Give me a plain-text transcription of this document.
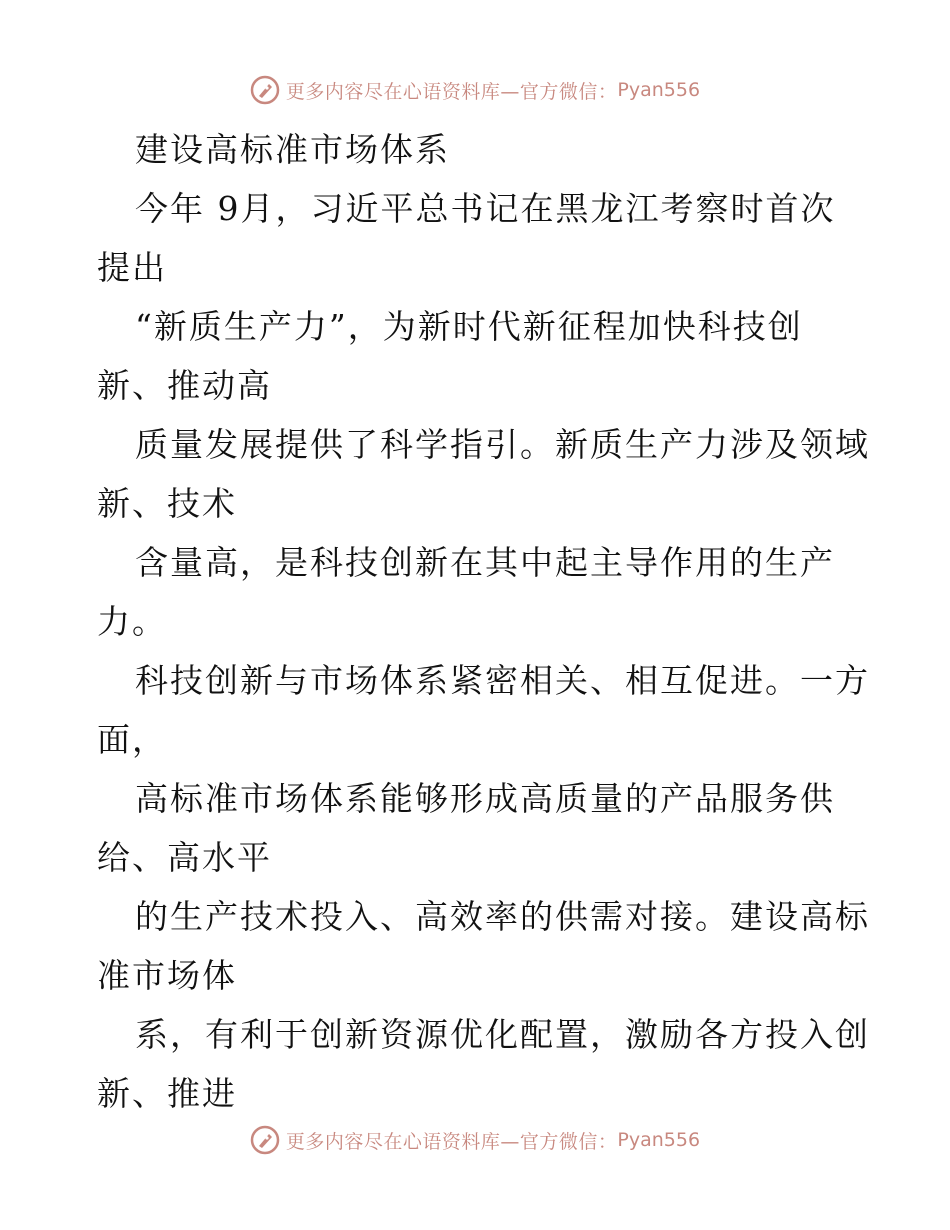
更多内容尽在心语资料库—官方微信： Pyan556
建设高标准市场体系
今年 9月，习近平总书记在黑龙江考察时首次
提出
“新质生产力”，为新时代新征程加快科技创
新、推动高
质量发展提供了科学指引。新质生产力涉及领域
新、技术
含量高，是科技创新在其中起主导作用的生产
力。
科技创新与市场体系紧密相关、相互促进。一方
面，
高标准市场体系能够形成高质量的产品服务供
给、高水平
的生产技术投入、高效率的供需对接。建设高标
准市场体
系，有利于创新资源优化配置，激励各方投入创
新、推进
更多内容尽在心语资料库—官方微信： Pyan556
